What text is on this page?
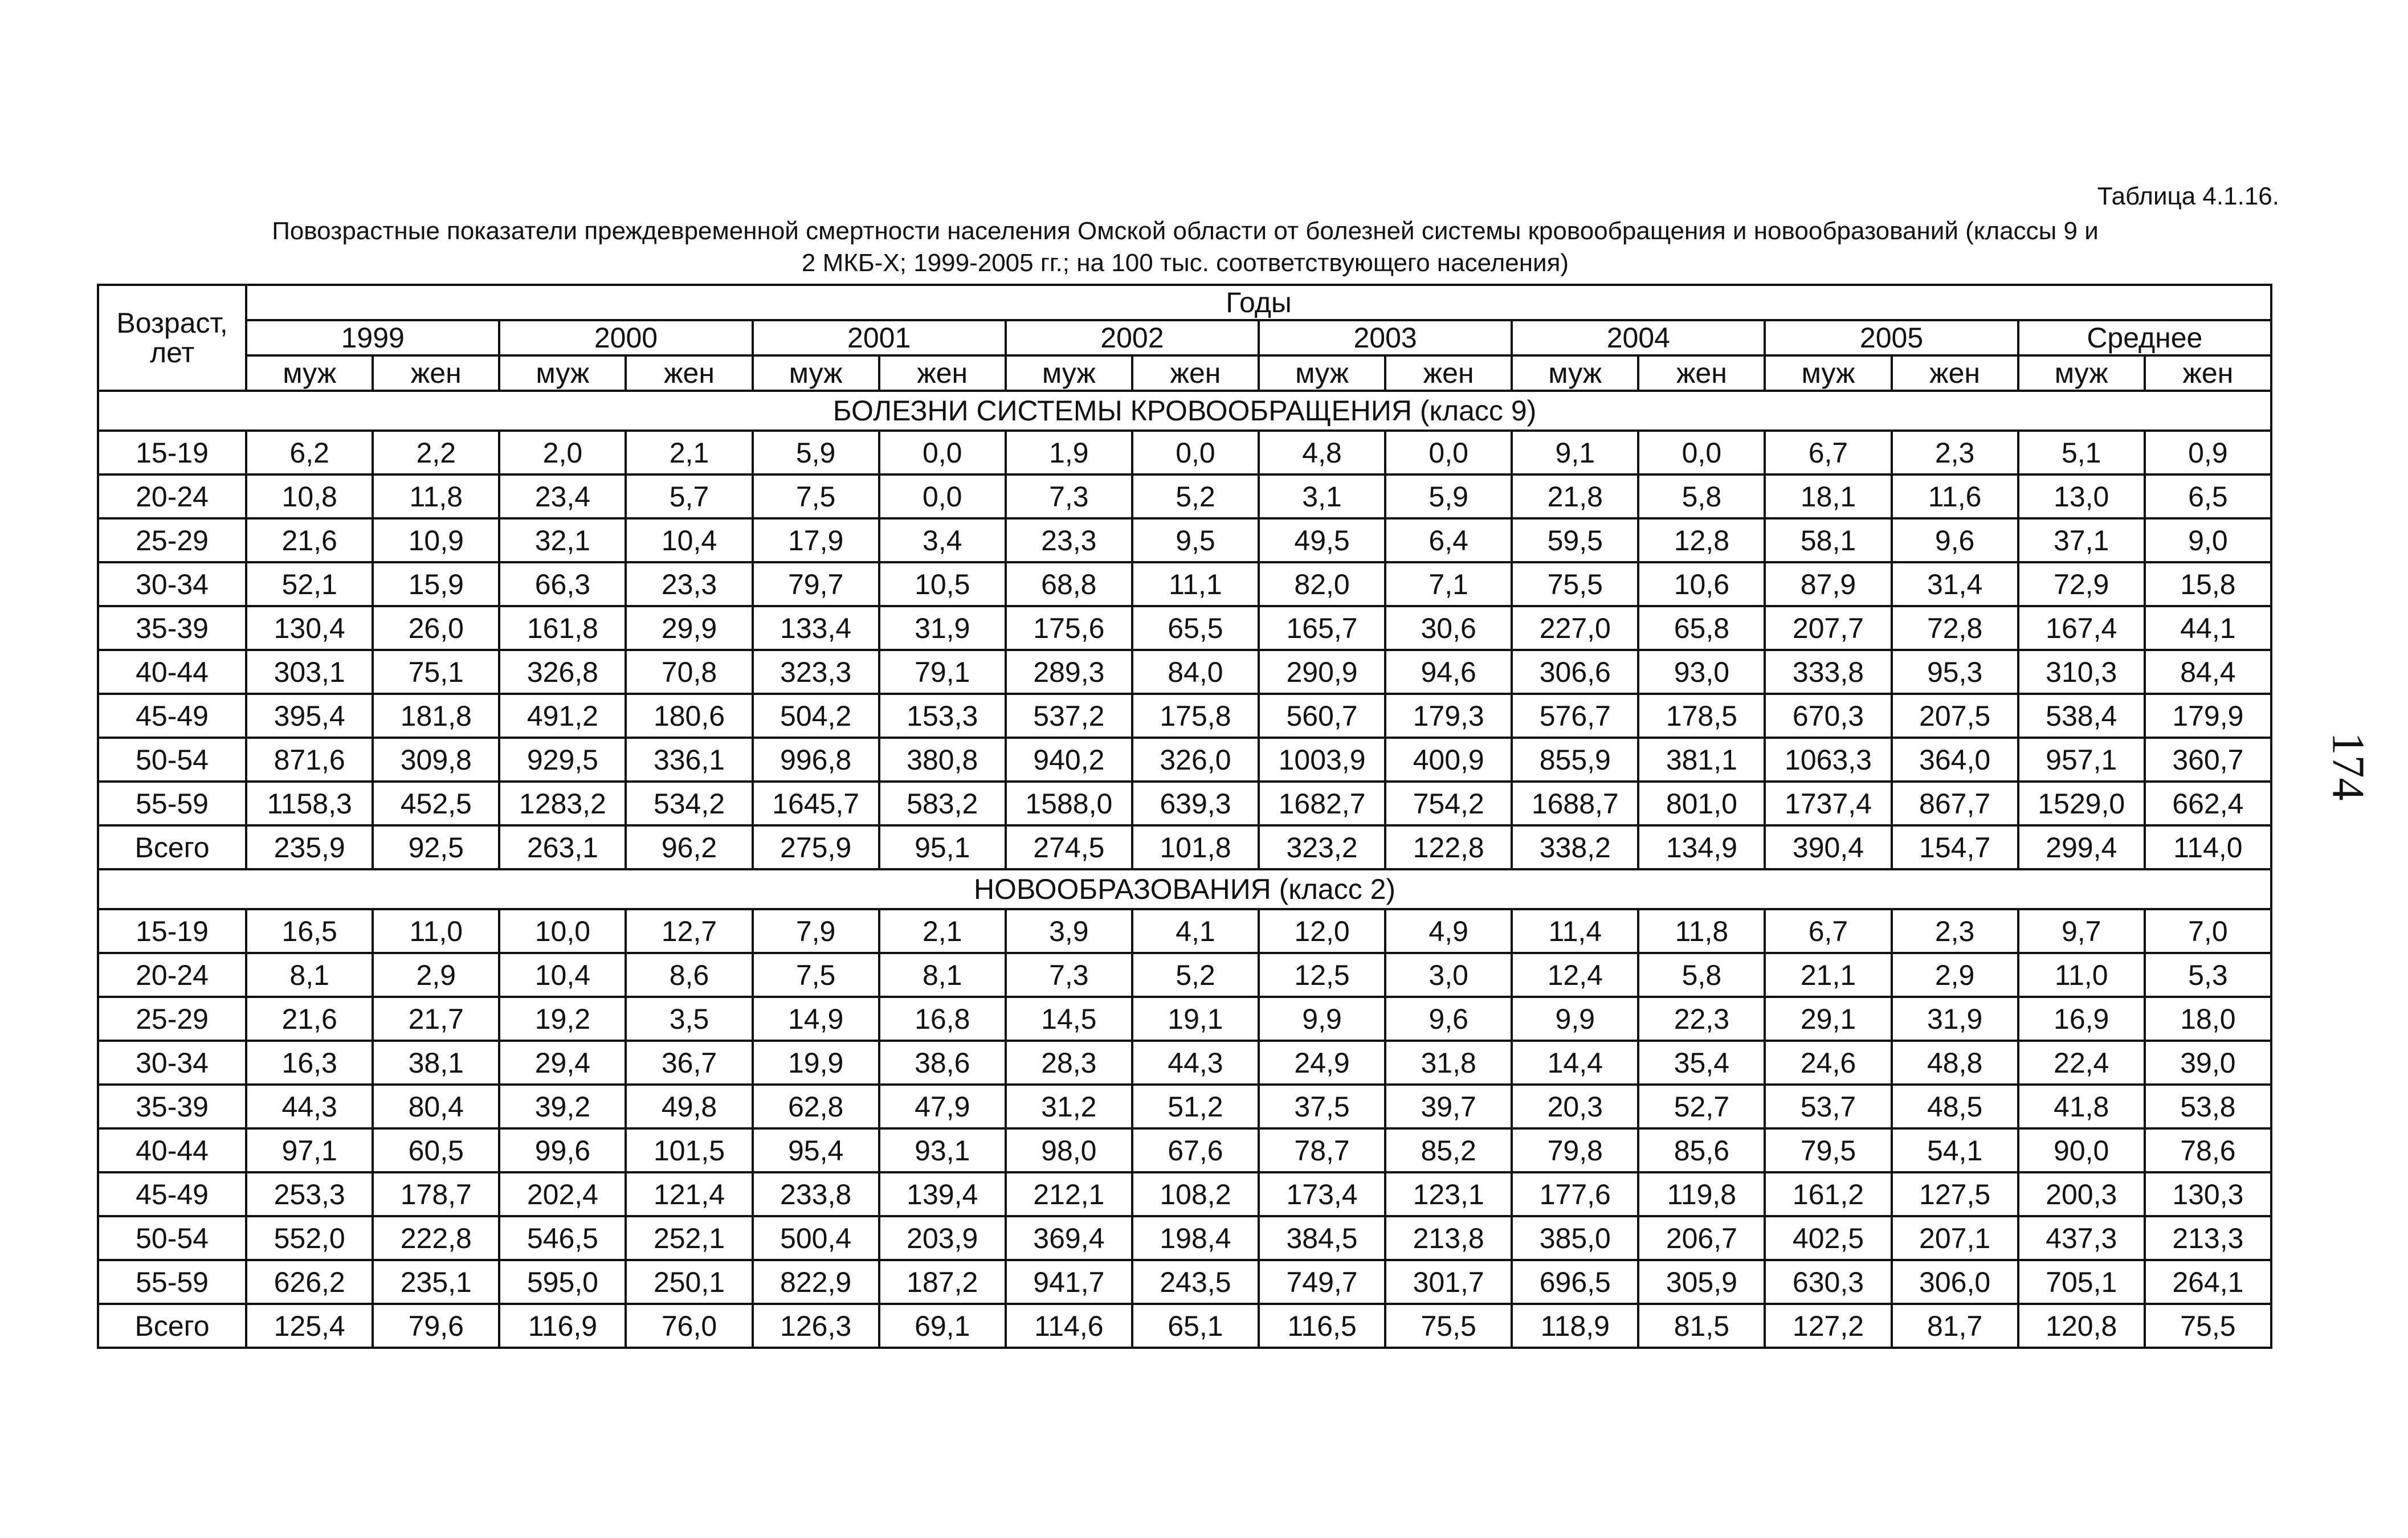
Таблица 4.1.16.
Повозрастные показатели преждевременной смертности населения Омской области от болезней системы кровообращения и новообразований (классы 9 и
2 МКБ-Х; 1999-2005 гг.; на 100 тыс. соответствующего населения)
Возраст, лет	Годы															
	1999		2000		2001		2002		2003		2004		2005		Среднее	
	муж	жен	муж	жен	муж	жен	муж	жен	муж	жен	муж	жен	муж	жен	муж	жен
БОЛЕЗНИ СИСТЕМЫ КРОВООБРАЩЕНИЯ (класс 9)																
15-19	6,2	2,2	2,0	2,1	5,9	0,0	1,9	0,0	4,8	0,0	9,1	0,0	6,7	2,3	5,1	0,9
20-24	10,8	11,8	23,4	5,7	7,5	0,0	7,3	5,2	3,1	5,9	21,8	5,8	18,1	11,6	13,0	6,5
25-29	21,6	10,9	32,1	10,4	17,9	3,4	23,3	9,5	49,5	6,4	59,5	12,8	58,1	9,6	37,1	9,0
30-34	52,1	15,9	66,3	23,3	79,7	10,5	68,8	11,1	82,0	7,1	75,5	10,6	87,9	31,4	72,9	15,8
35-39	130,4	26,0	161,8	29,9	133,4	31,9	175,6	65,5	165,7	30,6	227,0	65,8	207,7	72,8	167,4	44,1
40-44	303,1	75,1	326,8	70,8	323,3	79,1	289,3	84,0	290,9	94,6	306,6	93,0	333,8	95,3	310,3	84,4
45-49	395,4	181,8	491,2	180,6	504,2	153,3	537,2	175,8	560,7	179,3	576,7	178,5	670,3	207,5	538,4	179,9
50-54	871,6	309,8	929,5	336,1	996,8	380,8	940,2	326,0	1003,9	400,9	855,9	381,1	1063,3	364,0	957,1	360,7
55-59	1158,3	452,5	1283,2	534,2	1645,7	583,2	1588,0	639,3	1682,7	754,2	1688,7	801,0	1737,4	867,7	1529,0	662,4
Всего	235,9	92,5	263,1	96,2	275,9	95,1	274,5	101,8	323,2	122,8	338,2	134,9	390,4	154,7	299,4	114,0
НОВООБРАЗОВАНИЯ (класс 2)																
15-19	16,5	11,0	10,0	12,7	7,9	2,1	3,9	4,1	12,0	4,9	11,4	11,8	6,7	2,3	9,7	7,0
20-24	8,1	2,9	10,4	8,6	7,5	8,1	7,3	5,2	12,5	3,0	12,4	5,8	21,1	2,9	11,0	5,3
25-29	21,6	21,7	19,2	3,5	14,9	16,8	14,5	19,1	9,9	9,6	9,9	22,3	29,1	31,9	16,9	18,0
30-34	16,3	38,1	29,4	36,7	19,9	38,6	28,3	44,3	24,9	31,8	14,4	35,4	24,6	48,8	22,4	39,0
35-39	44,3	80,4	39,2	49,8	62,8	47,9	31,2	51,2	37,5	39,7	20,3	52,7	53,7	48,5	41,8	53,8
40-44	97,1	60,5	99,6	101,5	95,4	93,1	98,0	67,6	78,7	85,2	79,8	85,6	79,5	54,1	90,0	78,6
45-49	253,3	178,7	202,4	121,4	233,8	139,4	212,1	108,2	173,4	123,1	177,6	119,8	161,2	127,5	200,3	130,3
50-54	552,0	222,8	546,5	252,1	500,4	203,9	369,4	198,4	384,5	213,8	385,0	206,7	402,5	207,1	437,3	213,3
55-59	626,2	235,1	595,0	250,1	822,9	187,2	941,7	243,5	749,7	301,7	696,5	305,9	630,3	306,0	705,1	264,1
Всего	125,4	79,6	116,9	76,0	126,3	69,1	114,6	65,1	116,5	75,5	118,9	81,5	127,2	81,7	120,8	75,5
174
